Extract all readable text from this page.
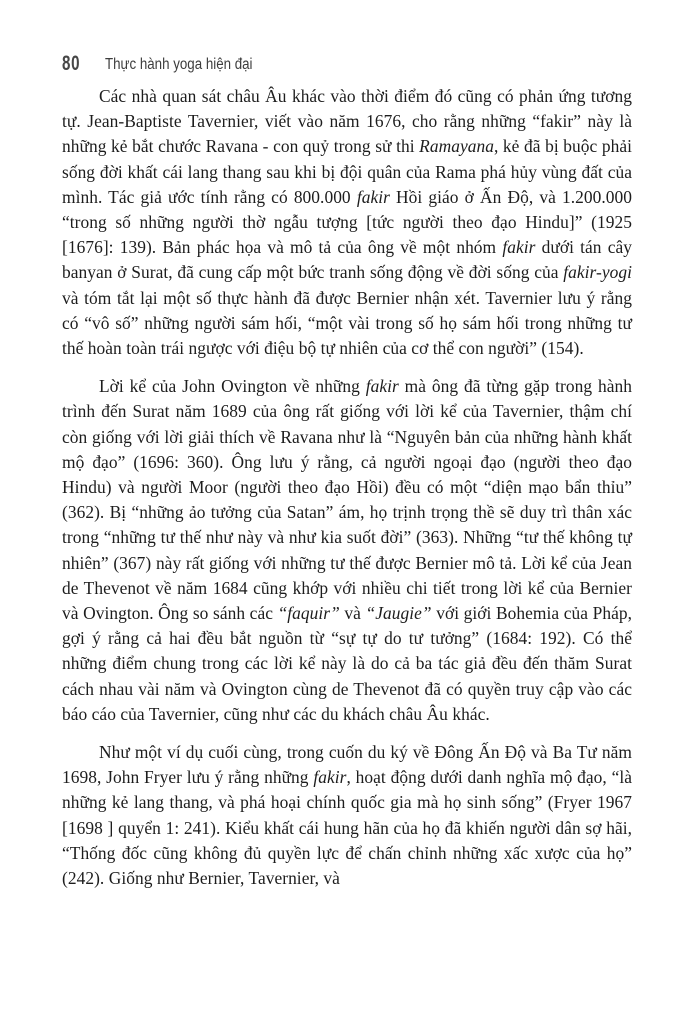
80 Thực hành yoga hiện đại

Các nhà quan sát châu Âu khác vào thời điểm đó cũng có phản ứng tương tự. Jean-Baptiste Tavernier, viết vào năm 1676, cho rằng những “fakir” này là những kẻ bắt chước Ravana - con quỷ trong sử thi Ramayana, kẻ đã bị buộc phải sống đời khất cái lang thang sau khi bị đội quân của Rama phá hủy vùng đất của mình. Tác giả ước tính rằng có 800.000 fakir Hồi giáo ở Ấn Độ, và 1.200.000 “trong số những người thờ ngẫu tượng [tức người theo đạo Hindu]” (1925 [1676]: 139). Bản phác họa và mô tả của ông về một nhóm fakir dưới tán cây banyan ở Surat, đã cung cấp một bức tranh sống động về đời sống của fakir-yogi và tóm tắt lại một số thực hành đã được Bernier nhận xét. Tavernier lưu ý rằng có “vô số” những người sám hối, “một vài trong số họ sám hối trong những tư thế hoàn toàn trái ngược với điệu bộ tự nhiên của cơ thể con người” (154).

Lời kể của John Ovington về những fakir mà ông đã từng gặp trong hành trình đến Surat năm 1689 của ông rất giống với lời kể của Tavernier, thậm chí còn giống với lời giải thích về Ravana như là “Nguyên bản của những hành khất mộ đạo” (1696: 360). Ông lưu ý rằng, cả người ngoại đạo (người theo đạo Hindu) và người Moor (người theo đạo Hồi) đều có một “diện mạo bẩn thỉu” (362). Bị “những ảo tưởng của Satan” ám, họ trịnh trọng thề sẽ duy trì thân xác trong “những tư thế như này và như kia suốt đời” (363). Những “tư thế không tự nhiên” (367) này rất giống với những tư thế được Bernier mô tả. Lời kể của Jean de Thevenot về năm 1684 cũng khớp với nhiều chi tiết trong lời kể của Bernier và Ovington. Ông so sánh các “faquir” và “Jaugie” với giới Bohemia của Pháp, gợi ý rằng cả hai đều bắt nguồn từ “sự tự do tư tưởng” (1684: 192). Có thể những điểm chung trong các lời kể này là do cả ba tác giả đều đến thăm Surat cách nhau vài năm và Ovington cùng de Thevenot đã có quyền truy cập vào các báo cáo của Tavernier, cũng như các du khách châu Âu khác.

Như một ví dụ cuối cùng, trong cuốn du ký về Đông Ấn Độ và Ba Tư năm 1698, John Fryer lưu ý rằng những fakir, hoạt động dưới danh nghĩa mộ đạo, “là những kẻ lang thang, và phá hoại chính quốc gia mà họ sinh sống” (Fryer 1967 [1698 ] quyển 1: 241). Kiểu khất cái hung hãn của họ đã khiến người dân sợ hãi, “Thống đốc cũng không đủ quyền lực để chấn chỉnh những xấc xược của họ” (242). Giống như Bernier, Tavernier, và
